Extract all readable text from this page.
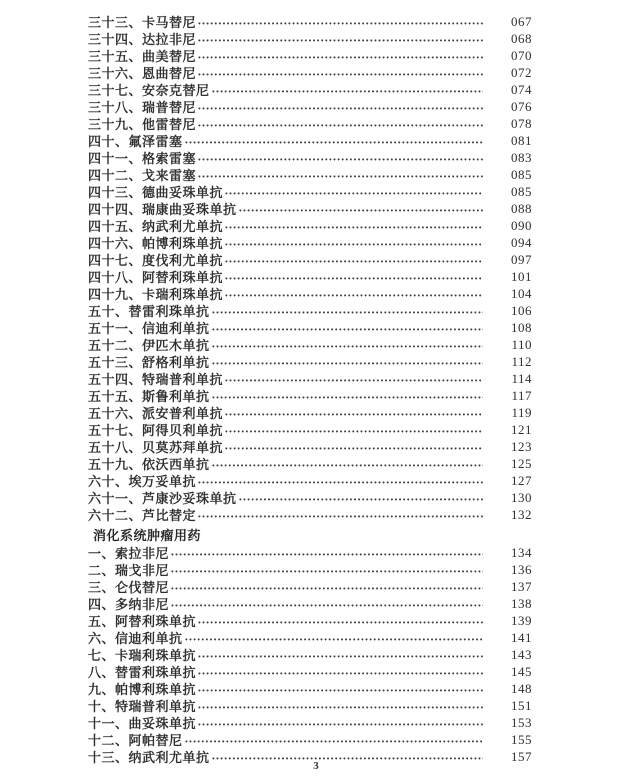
三十三、卡马替尼	067
三十四、达拉非尼	068
三十五、曲美替尼	070
三十六、恩曲替尼	072
三十七、安奈克替尼	074
三十八、瑞普替尼	076
三十九、他雷替尼	078
四十、氟泽雷塞	081
四十一、格索雷塞	083
四十二、戈来雷塞	085
四十三、德曲妥珠单抗	085
四十四、瑞康曲妥珠单抗	088
四十五、纳武利尤单抗	090
四十六、帕博利珠单抗	094
四十七、度伐利尤单抗	097
四十八、阿替利珠单抗	101
四十九、卡瑞利珠单抗	104
五十、替雷利珠单抗	106
五十一、信迪利单抗	108
五十二、伊匹木单抗	110
五十三、舒格利单抗	112
五十四、特瑞普利单抗	114
五十五、斯鲁利单抗	117
五十六、派安普利单抗	119
五十七、阿得贝利单抗	121
五十八、贝莫苏拜单抗	123
五十九、依沃西单抗	125
六十、埃万妥单抗	127
六十一、芦康沙妥珠单抗	130
六十二、芦比替定	132
消化系统肿瘤用药
一、索拉非尼	134
二、瑞戈非尼	136
三、仑伐替尼	137
四、多纳非尼	138
五、阿替利珠单抗	139
六、信迪利单抗	141
七、卡瑞利珠单抗	143
八、替雷利珠单抗	145
九、帕博利珠单抗	148
十、特瑞普利单抗	151
十一、曲妥珠单抗	153
十二、阿帕替尼	155
十三、纳武利尤单抗	157
3
